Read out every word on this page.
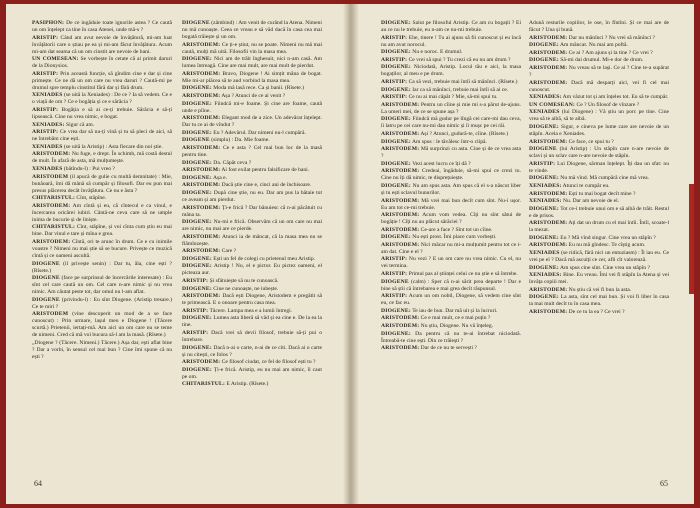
PASIPHON: De ce ingăduie toate ignorile astea ? Ce caută un om înțelept ca tine în casa Atenei, unde mă-s ?

ARISTIP: Când am avut nevoie de învățătură, mi-am luat învățătorii care o știau pe ea și mi-am făcut învățătura. Acum mi-am dat seama că un om cinstit are nevoie de bani.

UN COMESEAN: Se vorbește în cetate că ai primit daruri de la Dionysios.

ARISTIP: Prin această funcție, să gîndim cine e dar și cine primește. Ce ne dă un om care nu vrea daruri ? Caută-mi pe drumul spre templu cinstitul fără dar și fără drum.

XENIADES (se uită la Xeniades) : De ce ? Ia să vedem. Ce e o viață de om ? Ce e bogăția și ce e sărăcia ?

ARISTIP: Bogăția e să ai ce-ți trebuie. Sărăcia e să-ți lipsească. Cine nu vrea nimic, e bogat.

XENIADES: Sigur că am.

ARISTIP: Ce vrea dar să nu-ți vină și tu să pleci de aici, să ne întrebăm cine ești.

XENIADES (se uită la Aristip) : Asta fiecare din noi știe.

ARISTODEM: Nu fuge, e drept. În schimb, mă costă destul de mult. În afară de asta, mă mulțumește.

XENIADES (bătîndu-l) : Pui vreo ?

ARISTODEM (il apucă de gulie cu multă demnitate) : Mie, bunăoară, îmi dă mână să cumpăr și filosofi. Dar eu pun mai presus plăcerea decât învățătura. Ce nu e ăsta ?

CHITARISTUL: Cînt, stăpîne.

ARISTODEM: Am cîntă și eu, că cîntecul e ca vinul, e încercarea oricărei iubiri. Cântă-ne ceva care să ne umple inima de bucurie și de liniște.

CHITARISTUL: Cînt, stăpîne, și voi cînta cum știu eu mai bine. Dar vinul e tare și mîna e grea.

ARISTODEM: Cîntă, ori te arunc în drum. Ce e cu inimile voastre ? Nimeni nu mai știe să se bucure. Privește ce muzică cîntă și ce oameni ascultă.

DIOGENE (il privește senin) : Dar tu, ăla, cine ești ? (Rîsete.)

DIOGENE (face pe surprinsul de încercările interesate) : Eu sînt cel care caută un om. Cel care n-are nimic și nu vrea nimic. Am căutat peste tot, dar omul nu l-am aflat.

DIOGENE (privindu-l) : Eu sînt Diogene. (Aristip tresare.) Ce te miri ?

ARISTODEM (vine descoperit un mod de a se face cunoscut) : Prin urmare, lașul meu e Diogene ! (Tăcere scurtă.) Prietenii, iertați-mă. Am aici un om care nu se teme de nimeni. Cred că mă voi bucura să-l am la masă. (Rîsete.)

„Diogene ? (Tăcere. Nimeni.) Tăcere.) Așa dar, ești aflat bine ? Dar a vorbi, în sensul cel mai bun ? Cine îmi spune că nu ești ?

DIOGENE (zâmbind) : Am venit de curând la Atena. Nimeni nu mă cunoaște. Ceea ce vreau e să văd dacă în casa cea mai bogată trăiește și un om.

ARISTODEM: Ce ți-e știut, nu se poate. Nimeni nu mă mai caută, mulți mă uită. Filosofii vin la masa mea.

DIOGENE: Nici am de trăit înghesuit, nici n-am casă. Am lumea întreagă. Cine are mai mult, are mai mult de pierdut.

ARISTODEM: Bravo, Diogene ! Ai simțit mâna de bogat. Mie mi-ar plăcea să te aud vorbind la masa mea.

DIOGENE: Moda mă lasă rece. Ca și banii. (Rîsete.)

ARISTODEM: Așa ? Atunci de ce ai venit ?

DIOGENE: Fiindcă mi-e foame. Și cine are foame, caută unde e pîine.

ARISTODEM: Elegant mod de a zice. Un adevărat înțelept. Dar tu ce ai de vîndut ?

DIOGENE: Eu ? Adevărul. Dar nimeni nu-l cumpără.

DIOGENE (simplu) : Da. Mie foame.

ARISTODEM: Ce e asta ? Cel mai bun loc de la masă pentru tine.

DIOGENE: Da. Căpăt ceva ?

ARISTODEM: Ai fost exilat pentru falsificare de bani.

DIOGENE: Așa e.

ARISTODEM: Dacă știe cine e, cinci ani de închisoare.

DIOGENE: După cine știe, nu eu. Dar am pus la bătaie tot ce aveam și am pierdut.

ARISTODEM: Ți-e frică ? Dar bănuiesc că n-ai păcătuit cu mâna ta.

DIOGENE: Nu-mi e frică. Observăm că un om care nu mai are nimic, nu mai are ce pierde.

ARISTODEM: Atunci ia de mâncat, că la masa mea nu se flămînzește.

ARISTODEM: Care ?

DIOGENE: Ești un fel de colegi cu prietenul meu Aristip.

DIOGENE: Aristip ! Nu, el e pictor. Eu pictez oameni, el picteaza aur.

ARISTIP: Și sfătuiește să nu te cunoască.

DIOGENE: Cine ne cunoaște, ne iubește.

ARISTODEM: Dacă ești Diogene, Aristodem e pregătit să te primească. E o onoare pentru casa mea.

ARISTIP: Tăcere. Lampa mea e a lumii întregi.

DIOGENE: Lumea asta liberă să văd și ea cine e. De la ea la tine.

ARISTIP: Dacă vrei să devii filosof, trebuie să-ți pui o întrebare.

DIOGENE: Dacă n-ai o carte, n-ai de ce citi. Dacă ai o carte și nu citești, ce folos ?

ARISTODEM: Ce filosof ciudat, ce fel de filosof ești tu ?

DIOGENE: Ți-e frică. Aristip, eu nu mai am nimic, îl caut pe om.

CHITARISTUL: E Aristip. (Rîsete.)

64

DIOGENE: Salut pe filosoful Aristip. Ce am cu bogații ? Ei au ce nu le trebuie, eu n-am ce nu-mi trebuie.

ARISTIP: Ehe, tinere ! Tu ai ajuns să fii cunoscut și eu încă nu am avut norocul.

DIOGENE: Nu e noroc. E drumul.

ARISTIP: Ce vrei să spui ? Tu crezi că eu nu am drum ?

DIOGENE: Niciodată, Aristip. Locul tău e aici, la masa bogaților, al meu e pe drum.

ARISTIP: Ca să vezi, trebuie mai întîi să mănînci. (Rîsete.)

DIOGENE: Iar ca să mănînci, trebuie mai întîi să ai ce.

ARISTIP: Ce nu ai mai căpăt ? Mie, să-mi spui tu.

ARISTODEM: Pentru un cîine și mie mi s-a părut de-ajuns. La umeri mei, de ce se spune așa ?

DIOGENE: Fiindcă mă gudur pe lîngă cei care-mi dau ceva, îi latru pe cei care nu-mi dau nimic și îi mușc pe cei răi.

ARISTODEM: Ași ? Atunci, gudură-te, cîine. (Rîsete.)

DIOGENE: Am spus : le tăvălesc într-o clipă.

ARISTODEM: Mă surprinzi cu asta. Cine și de ce vrea asta ?

DIOGENE: Vezi acest lucru ce îți dă ?

ARISTODEM: Credeai, îngăduie, să-mi spui ce crezi tu. Cine nu îți dă nimic, te disprețuiește.

DIOGENE: Nu am spus asta. Am spus că el s-a născut liber și tu ești sclavul bunurilor.

ARISTODEM: Mă vrei mai bun decît cum sînt. Nu-i ușor. Eu am tot ce-mi trebuie.

ARISTODEM: Acum vom vedea. Cîți nu sînt sătui de bogăție ! Cîți nu au plăcut sărăciei ?

ARISTODEM: Ce-are a face ? Sînt tot un cîine.

DIOGENE: Nu ești prost. Îmi place cum vorbești.

ARISTODEM: Nici măcar nu mi-a mulțumit pentru tot ce i-am dat. Cine e el ?

ARISTIP: Nu vezi ? E un om care nu vrea nimic. Cu el, nu vei termina.

ARISTIP: Primul pas al științei celui ce nu știe e să întrebe.

DIOGENE (calm) : Sper că n-ai sărit prea departe ! Dar e bine să știi că întrebarea e mai grea decît răspunsul.

ARISTIP: Acum un om nobil, Diogene, să vedem cine sînt eu, ce fac eu.

DIOGENE: Te iau de bun. Dar mă uit și la lucruri.

ARISTODEM: Ce e mai mult, ce e mai puțin ?

ARISTODEM: Nu știu, Diogene. Nu vă înțeleg.

DIOGENE: Da pentru că nu te-ai întrebat niciodată. Întreabă-te cine ești. Din ce trăiești ?

ARISTODEM: Dar de ce nu te servești ?

Adună resturile copiilor, le ose, în fîntîni. Și ce mai are de făcut ? Una și bună.

ARISTODEM: Dar nu mănînci ? Nu vrei să mănînci ?

DIOGENE: Am mâncat. Nu mai am poftă.

ARISTODEM: Ce ai ? Am ajuns și la tine ? Ce vrei ?

DIOGENE: Să-mi dai drumul. Mi-e dor de drum.

ARISTODEM: Nu vreau să te lași. Ce ai ? Cine te-a supărat ?

ARISTODEM: Dacă mă desparți aici, vei fi cel mai cunoscut.

XENIADES: Am văzut tot și am înțeles tot. Eu să te cumpăr.

UN COMESEAN: Ce ? Un filosof de vînzare ?

XENIADES (lui Diogene) : Vă știu un porc pe tine. Cine vrea să te aibă, să te aibă.

DIOGENE: Sigur, e cineva pe lume care are nevoie de un stăpîn. Acela e Xeniades.

ARISTODEM: Ce face, ce spui tu ?

DIOGENE (lui Aristip) : Un stăpîn care n-are nevoie de sclavi și un sclav care n-are nevoie de stăpîn.

ARISTIP: Lui Diogene, sărman înțelept. Îți dau un sfat: nu te vinde.

DIOGENE: Nu mă vînd. Mă cumpără cine mă vrea.

XENIADES: Atunci te cumpăr eu.

ARISTODEM: Ești tu mai bogat decît mine ?

XENIADES: Nu. Dar am nevoie de el.

DIOGENE: Tot ce-i trebuie unui om e să aibă de trăit. Restul e de prisos.

ARISTODEM: Ați dat un drum cu el mai întîi. Întîi, scoate-l la mezat.

DIOGENE: Eu ? Mă vînd singur. Cine vrea un stăpîn ?

ARISTODEM: Eu nu mă gîndesc. Te cîștig acum.

XENIADES (se ridică, fără nici un entuziasm) : Îl iau eu. Ce vrei pe el ? Dacă mă asculți ce cer, afli cît valorează.

DIOGENE: Am spus cine sînt. Cine vrea un stăpîn ?

XENIADES: Bine. Eu vreau. Îmi vei fi stăpîn la Atena și vei învăța copiii mei.

ARISTODEM: Nu știu că vei fi bun la asta.

DIOGENE: La asta, sînt cel mai bun. Și voi fi liber în casa ta mai mult decît tu în casa mea.

ARISTODEM: De ce tu la ea ? Ce vrei ?

65
